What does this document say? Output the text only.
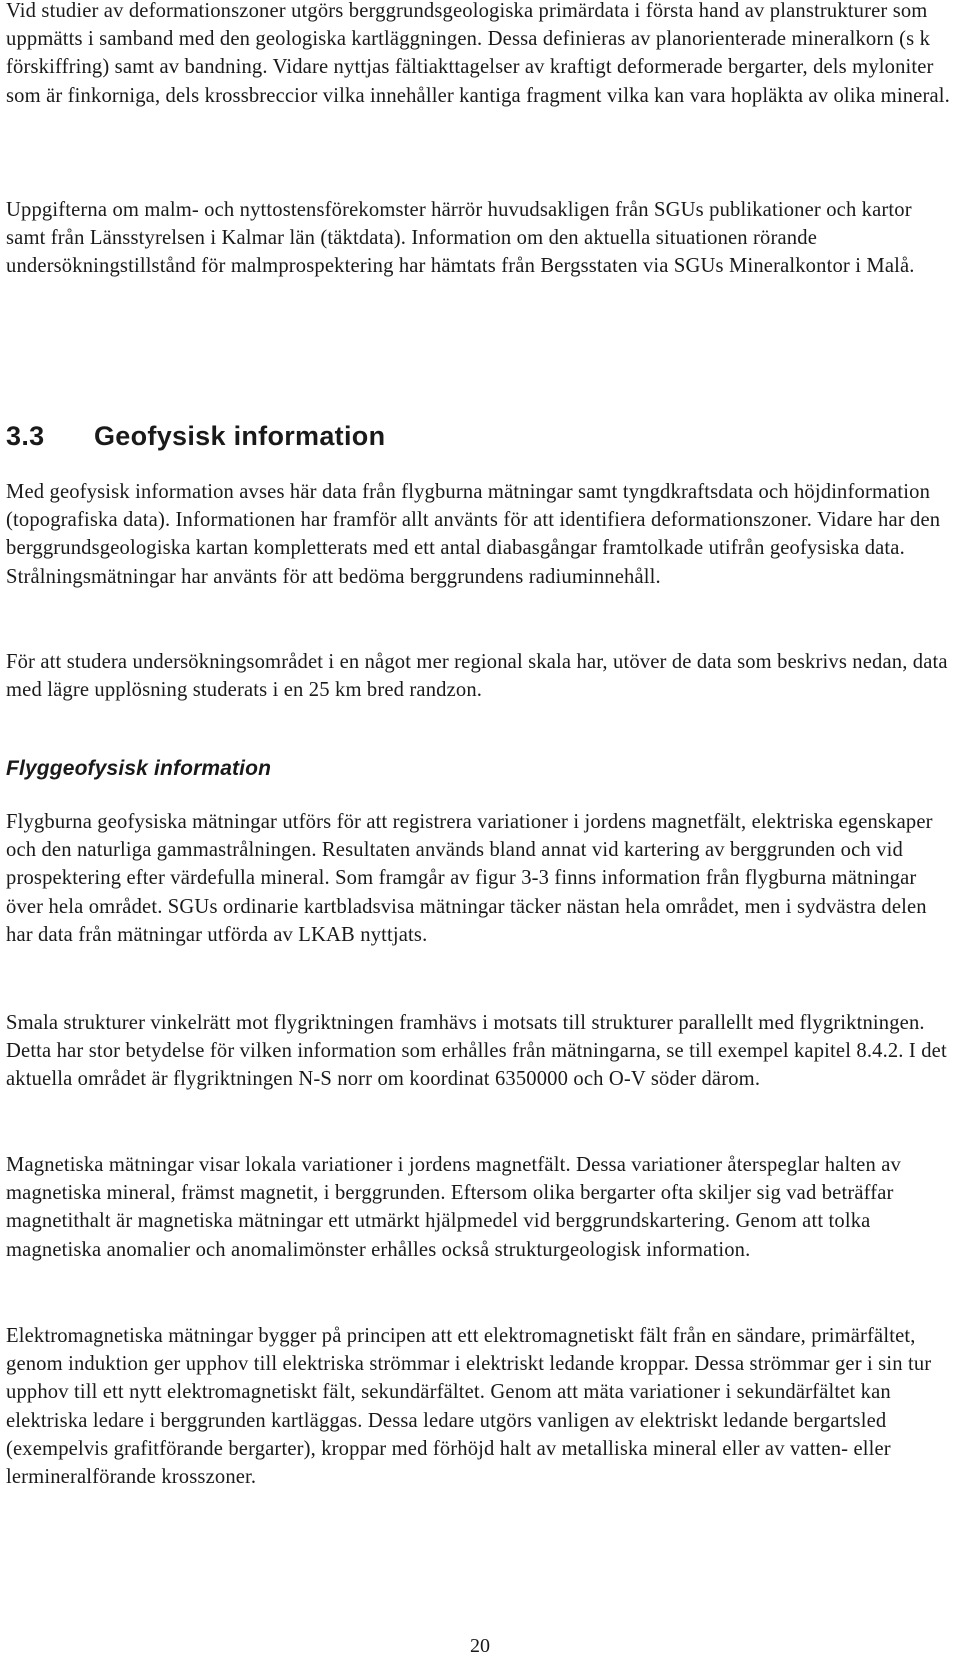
Vid studier av deformationszoner utgörs berggrundsgeologiska primärdata i första hand av planstrukturer som uppmätts i samband med den geologiska kartläggningen. Dessa definieras av planorienterade mineralkorn (s k förskiffring) samt av bandning. Vidare nyttjas fältiakttagelser av kraftigt deformerade bergarter, dels myloniter som är finkorniga, dels krossbreccior vilka innehåller kantiga fragment vilka kan vara hopläkta av olika mineral.

Uppgifterna om malm- och nyttostensförekomster härrör huvudsakligen från SGUs publikationer och kartor samt från Länsstyrelsen i Kalmar län (täktdata). Information om den aktuella situationen rörande undersökningstillstånd för malmprospektering har hämtats från Bergsstaten via SGUs Mineralkontor i Malå.

3.3 Geofysisk information

Med geofysisk information avses här data från flygburna mätningar samt tyngdkraftsdata och höjdinformation (topografiska data). Informationen har framför allt använts för att identifiera deformationszoner. Vidare har den berggrundsgeologiska kartan kompletterats med ett antal diabasgångar framtolkade utifrån geofysiska data. Strålningsmätningar har använts för att bedöma berggrundens radiuminnehåll.

För att studera undersökningsområdet i en något mer regional skala har, utöver de data som beskrivs nedan, data med lägre upplösning studerats i en 25 km bred randzon.

Flyggeofysisk information

Flygburna geofysiska mätningar utförs för att registrera variationer i jordens magnetfält, elektriska egenskaper och den naturliga gammastrålningen. Resultaten används bland annat vid kartering av berggrunden och vid prospektering efter värdefulla mineral. Som framgår av figur 3-3 finns information från flygburna mätningar över hela området. SGUs ordinarie kartbladsvisa mätningar täcker nästan hela området, men i sydvästra delen har data från mätningar utförda av LKAB nyttjats.

Smala strukturer vinkelrätt mot flygriktningen framhävs i motsats till strukturer parallellt med flygriktningen. Detta har stor betydelse för vilken information som erhålles från mätningarna, se till exempel kapitel 8.4.2. I det aktuella området är flygriktningen N-S norr om koordinat 6350000 och O-V söder därom.

Magnetiska mätningar visar lokala variationer i jordens magnetfält. Dessa variationer återspeglar halten av magnetiska mineral, främst magnetit, i berggrunden. Eftersom olika bergarter ofta skiljer sig vad beträffar magnetithalt är magnetiska mätningar ett utmärkt hjälpmedel vid berggrundskartering. Genom att tolka magnetiska anomalier och anomalimönster erhålles också strukturgeologisk information.

Elektromagnetiska mätningar bygger på principen att ett elektromagnetiskt fält från en sändare, primärfältet, genom induktion ger upphov till elektriska strömmar i elektriskt ledande kroppar. Dessa strömmar ger i sin tur upphov till ett nytt elektromagnetiskt fält, sekundärfältet. Genom att mäta variationer i sekundärfältet kan elektriska ledare i berggrunden kartläggas. Dessa ledare utgörs vanligen av elektriskt ledande bergartsled (exempelvis grafitförande bergarter), kroppar med förhöjd halt av metalliska mineral eller av vatten- eller lermineralförande krosszoner.

20
